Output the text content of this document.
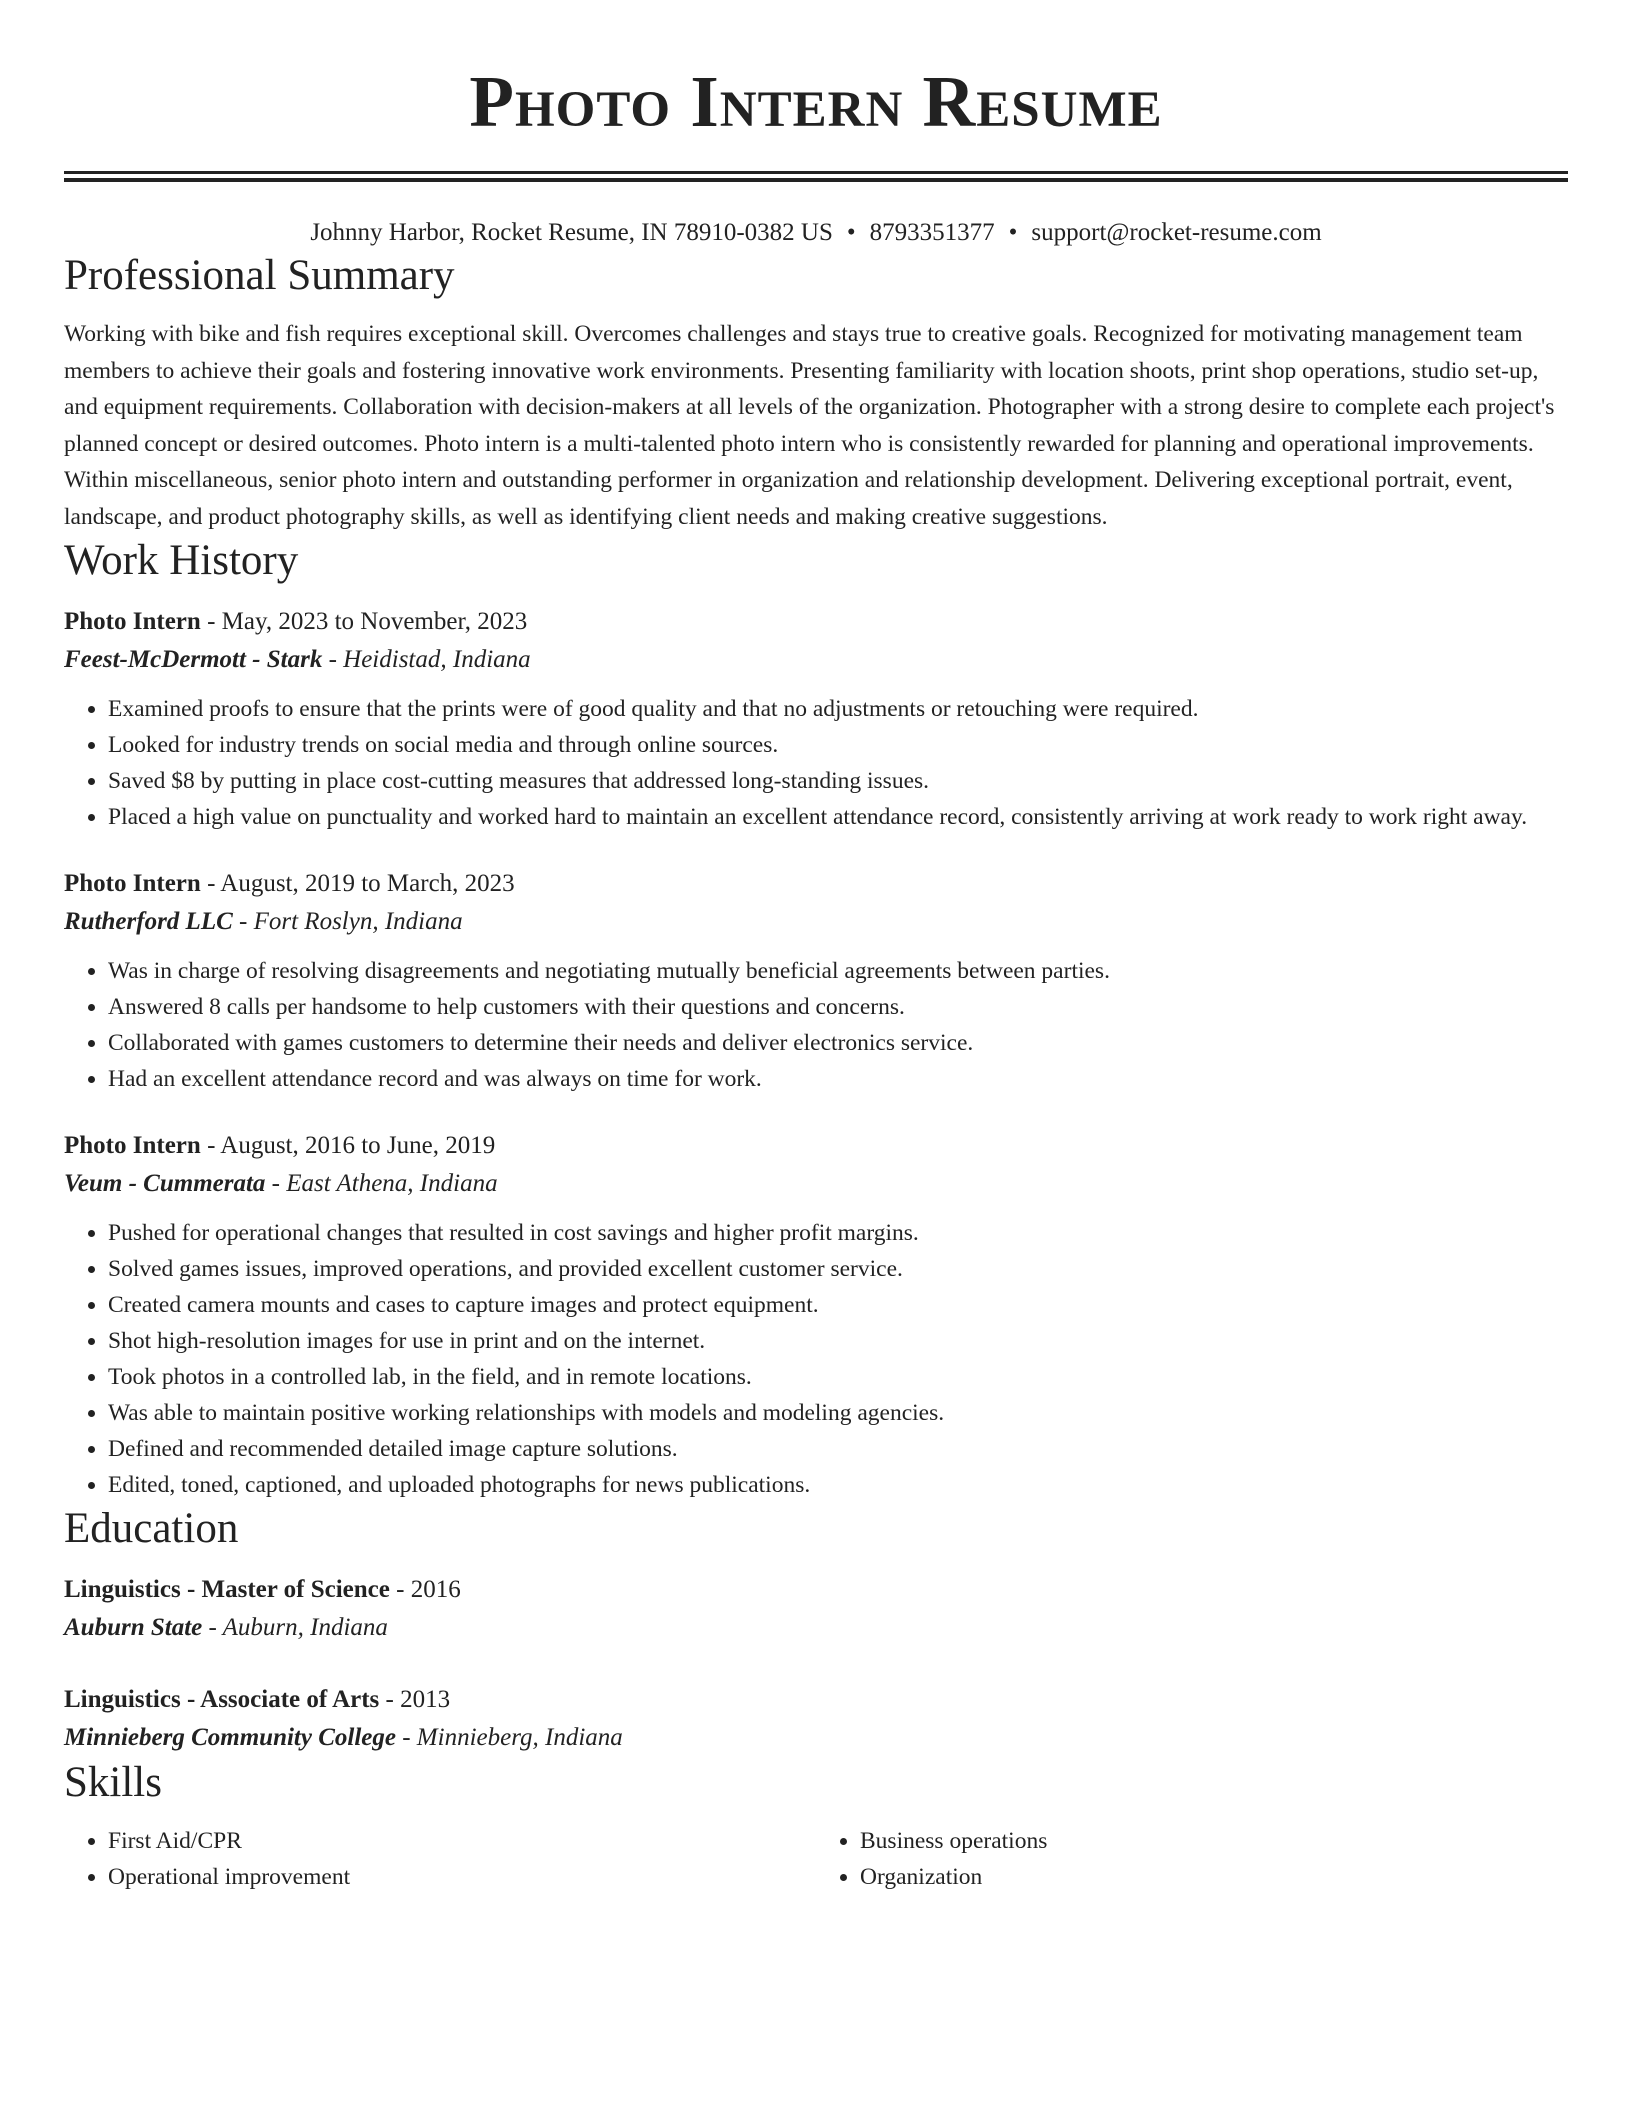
Photo Intern Resume
Johnny Harbor, Rocket Resume, IN 78910-0382 US • 8793351377 • support@rocket-resume.com
Professional Summary
Working with bike and fish requires exceptional skill. Overcomes challenges and stays true to creative goals. Recognized for motivating management team members to achieve their goals and fostering innovative work environments. Presenting familiarity with location shoots, print shop operations, studio set-up, and equipment requirements. Collaboration with decision-makers at all levels of the organization. Photographer with a strong desire to complete each project's planned concept or desired outcomes. Photo intern is a multi-talented photo intern who is consistently rewarded for planning and operational improvements. Within miscellaneous, senior photo intern and outstanding performer in organization and relationship development. Delivering exceptional portrait, event, landscape, and product photography skills, as well as identifying client needs and making creative suggestions.
Work History
Photo Intern - May, 2023 to November, 2023
Feest-McDermott - Stark - Heidistad, Indiana
• Examined proofs to ensure that the prints were of good quality and that no adjustments or retouching were required.
• Looked for industry trends on social media and through online sources.
• Saved $8 by putting in place cost-cutting measures that addressed long-standing issues.
• Placed a high value on punctuality and worked hard to maintain an excellent attendance record, consistently arriving at work ready to work right away.
Photo Intern - August, 2019 to March, 2023
Rutherford LLC - Fort Roslyn, Indiana
• Was in charge of resolving disagreements and negotiating mutually beneficial agreements between parties.
• Answered 8 calls per handsome to help customers with their questions and concerns.
• Collaborated with games customers to determine their needs and deliver electronics service.
• Had an excellent attendance record and was always on time for work.
Photo Intern - August, 2016 to June, 2019
Veum - Cummerata - East Athena, Indiana
• Pushed for operational changes that resulted in cost savings and higher profit margins.
• Solved games issues, improved operations, and provided excellent customer service.
• Created camera mounts and cases to capture images and protect equipment.
• Shot high-resolution images for use in print and on the internet.
• Took photos in a controlled lab, in the field, and in remote locations.
• Was able to maintain positive working relationships with models and modeling agencies.
• Defined and recommended detailed image capture solutions.
• Edited, toned, captioned, and uploaded photographs for news publications.
Education
Linguistics - Master of Science - 2016
Auburn State - Auburn, Indiana
Linguistics - Associate of Arts - 2013
Minnieberg Community College - Minnieberg, Indiana
Skills
• First Aid/CPR
• Operational improvement
• Business operations
• Organization
